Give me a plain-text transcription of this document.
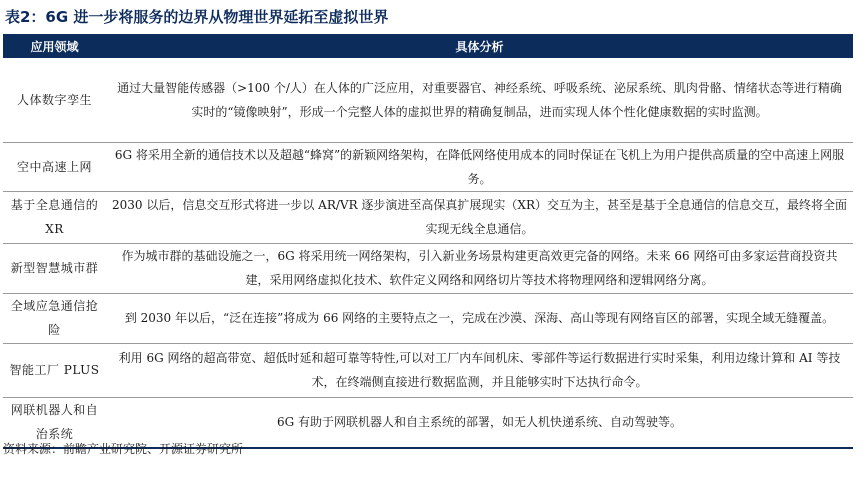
表2：6G 进一步将服务的边界从物理世界延拓至虚拟世界
应用领域	具体分析
人体数字孪生	通过大量智能传感器（>100 个/人）在人体的广泛应用，对重要器官、神经系统、呼吸系统、泌尿系统、肌肉骨骼、情绪状态等进行精确实时的“镜像映射”，形成一个完整人体的虚拟世界的精确复制品，进而实现人体个性化健康数据的实时监测。
空中高速上网	6G 将采用全新的通信技术以及超越“蜂窝”的新颖网络架构，在降低网络使用成本的同时保证在飞机上为用户提供高质量的空中高速上网服务。
基于全息通信的 XR	2030 以后，信息交互形式将进一步以 AR/VR 逐步演进至高保真扩展现实（XR）交互为主，甚至是基于全息通信的信息交互，最终将全面实现无线全息通信。
新型智慧城市群	作为城市群的基础设施之一，6G 将采用统一网络架构，引入新业务场景构建更高效更完备的网络。未来 66 网络可由多家运营商投资共建，采用网络虚拟化技术、软件定义网络和网络切片等技术将物理网络和逻辑网络分离。
全域应急通信抢险	到 2030 年以后，“泛在连接”将成为 66 网络的主要特点之一，完成在沙漠、深海、高山等现有网络盲区的部署，实现全域无缝覆盖。
智能工厂 PLUS	利用 6G 网络的超高带宽、超低时延和超可靠等特性,可以对工厂内车间机床、零部件等运行数据进行实时采集，利用边缘计算和 AI 等技术，在终端侧直接进行数据监测，并且能够实时下达执行命令。
网联机器人和自治系统	6G 有助于网联机器人和自主系统的部署，如无人机快递系统、自动驾驶等。
资料来源：前瞻产业研究院、开源证券研究所
